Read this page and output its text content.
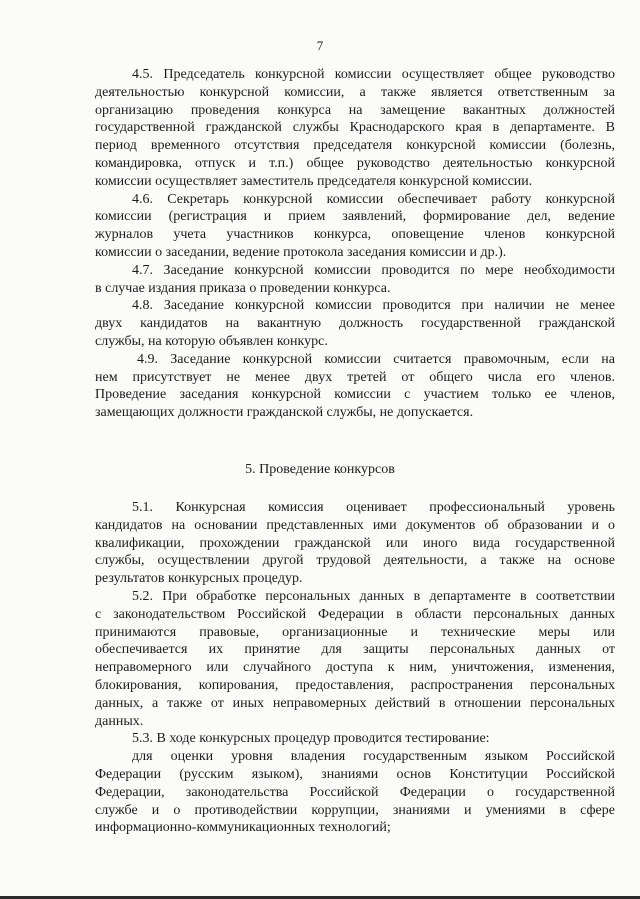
7
4.5. Председатель конкурсной комиссии осуществляет общее руководство
деятельностью конкурсной комиссии, а также является ответственным за
организацию проведения конкурса на замещение вакантных должностей
государственной гражданской службы Краснодарского края в департаменте. В
период временного отсутствия председателя конкурсной комиссии (болезнь,
командировка, отпуск и т.п.) общее руководство деятельностью конкурсной
комиссии осуществляет заместитель председателя конкурсной комиссии.
4.6. Секретарь конкурсной комиссии обеспечивает работу конкурсной
комиссии (регистрация и прием заявлений, формирование дел, ведение
журналов учета участников конкурса, оповещение членов конкурсной
комиссии о заседании, ведение протокола заседания комиссии и др.).
4.7. Заседание конкурсной комиссии проводится по мере необходимости
в случае издания приказа о проведении конкурса.
4.8. Заседание конкурсной комиссии проводится при наличии не менее
двух кандидатов на вакантную должность государственной гражданской
службы, на которую объявлен конкурс.
4.9. Заседание конкурсной комиссии считается правомочным, если на
нем присутствует не менее двух третей от общего числа его членов.
Проведение заседания конкурсной комиссии с участием только ее членов,
замещающих должности гражданской службы, не допускается.
5. Проведение конкурсов
5.1. Конкурсная комиссия оценивает профессиональный уровень
кандидатов на основании представленных ими документов об образовании и о
квалификации, прохождении гражданской или иного вида государственной
службы, осуществлении другой трудовой деятельности, а также на основе
результатов конкурсных процедур.
5.2. При обработке персональных данных в департаменте в соответствии
с законодательством Российской Федерации в области персональных данных
принимаются правовые, организационные и технические меры или
обеспечивается их принятие для защиты персональных данных от
неправомерного или случайного доступа к ним, уничтожения, изменения,
блокирования, копирования, предоставления, распространения персональных
данных, а также от иных неправомерных действий в отношении персональных
данных.
5.3. В ходе конкурсных процедур проводится тестирование:
для оценки уровня владения государственным языком Российской
Федерации (русским языком), знаниями основ Конституции Российской
Федерации, законодательства Российской Федерации о государственной
службе и о противодействии коррупции, знаниями и умениями в сфере
информационно-коммуникационных технологий;
